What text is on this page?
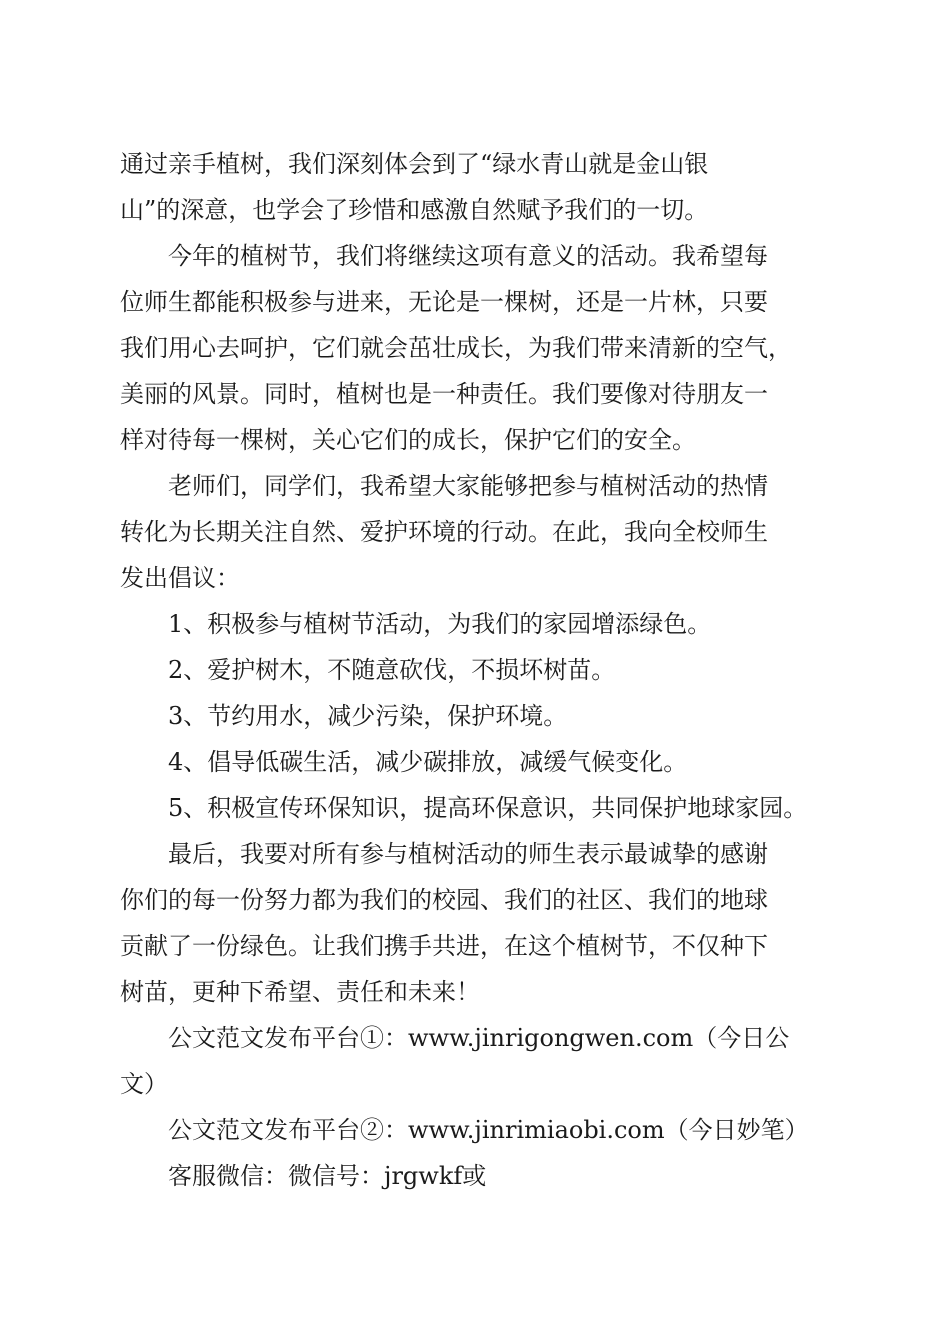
通过亲手植树，我们深刻体会到了“绿水青山就是金山银
山”的深意，也学会了珍惜和感激自然赋予我们的一切。
今年的植树节，我们将继续这项有意义的活动。我希望每
位师生都能积极参与进来，无论是一棵树，还是一片林，只要
我们用心去呵护，它们就会茁壮成长，为我们带来清新的空气，
美丽的风景。同时，植树也是一种责任。我们要像对待朋友一
样对待每一棵树，关心它们的成长，保护它们的安全。
老师们，同学们，我希望大家能够把参与植树活动的热情
转化为长期关注自然、爱护环境的行动。在此，我向全校师生
发出倡议：
1、积极参与植树节活动，为我们的家园增添绿色。
2、爱护树木，不随意砍伐，不损坏树苗。
3、节约用水，减少污染，保护环境。
4、倡导低碳生活，减少碳排放，减缓气候变化。
5、积极宣传环保知识，提高环保意识，共同保护地球家园。
最后，我要对所有参与植树活动的师生表示最诚挚的感谢
你们的每一份努力都为我们的校园、我们的社区、我们的地球
贡献了一份绿色。让我们携手共进，在这个植树节，不仅种下
树苗，更种下希望、责任和未来！
公文范文发布平台①：www.jinrigongwen.com（今日公
文）
公文范文发布平台②：www.jinrimiaobi.com（今日妙笔）
客服微信：微信号：jrgwkf或
